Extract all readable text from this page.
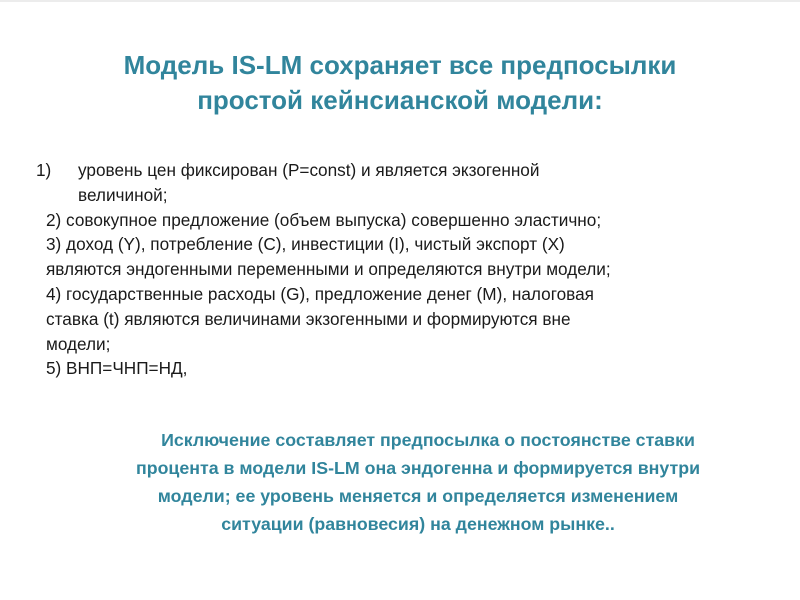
Модель IS-LM сохраняет все предпосылки
простой кейнсианской модели:
1) уровень цен фиксирован (P=const) и является экзогенной
величиной;
2) совокупное предложение (объем выпуска) совершенно эластично;
3) доход (Y), потребление (C), инвестиции (I), чистый экспорт (X)
являются эндогенными переменными и определяются внутри модели;
4) государственные расходы (G), предложение денег (M), налоговая
ставка (t) являются величинами экзогенными и формируются вне
модели;
5) ВНП=ЧНП=НД,

Исключение составляет предпосылка о постоянстве ставки
процента в модели IS-LM она эндогенна и формируется внутри
модели; ее уровень меняется и определяется изменением
ситуации (равновесия) на денежном рынке..
